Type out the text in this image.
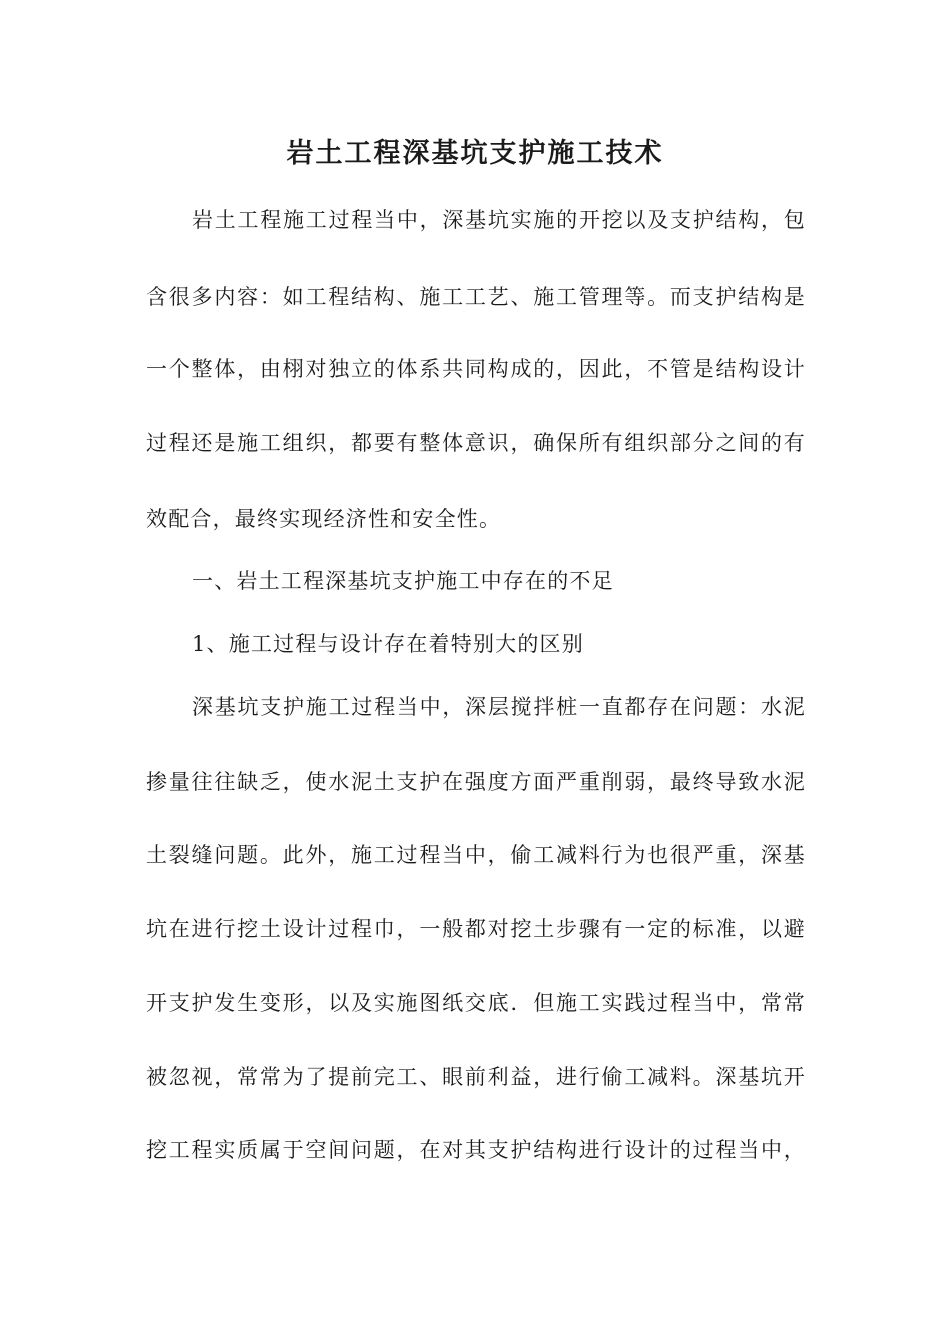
岩土工程深基坑支护施工技术
岩土工程施工过程当中，深基坑实施的开挖以及支护结构，包
含很多内容：如工程结构、施工工艺、施工管理等。而支护结构是
一个整体，由栩对独立的体系共同构成的，因此，不管是结构设计
过程还是施工组织，都要有整体意识，确保所有组织部分之间的有
效配合，最终实现经济性和安全性。
一、岩土工程深基坑支护施工中存在的不足
1、施工过程与设计存在着特别大的区别
深基坑支护施工过程当中，深层搅拌桩一直都存在问题：水泥
掺量往往缺乏，使水泥土支护在强度方面严重削弱，最终导致水泥
土裂缝问题。此外，施工过程当中，偷工减料行为也很严重，深基
坑在进行挖土设计过程巾，一般都对挖土步骤有一定的标准，以避
开支护发生变形，以及实施图纸交底．但施工实践过程当中，常常
被忽视，常常为了提前完工、眼前利益，进行偷工减料。深基坑开
挖工程实质属于空间问题，在对其支护结构进行设计的过程当中，
